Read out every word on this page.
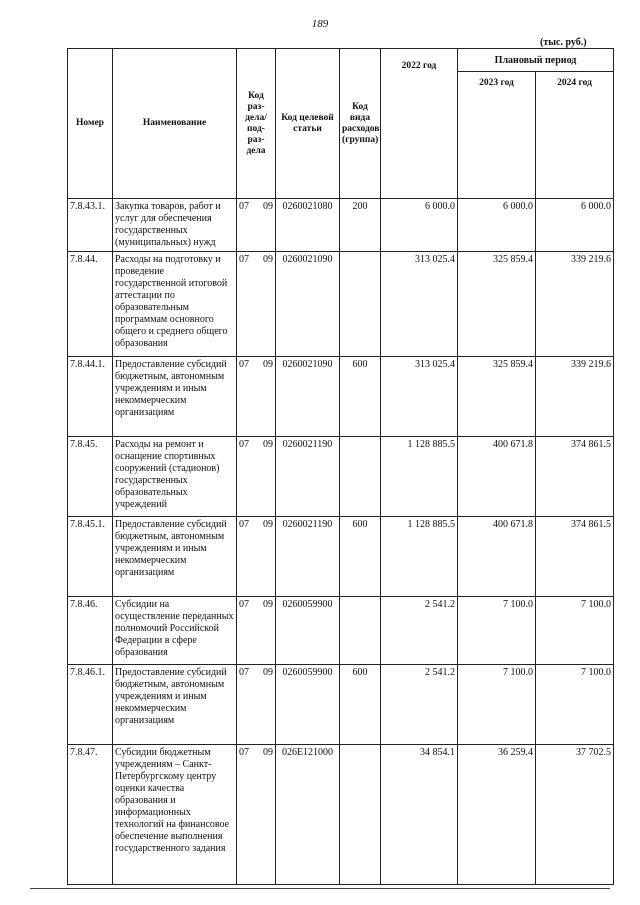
189
(тыс. руб.)
Номер	Наименование	Код раз-дела/ под-раз-дела	Код целевой статьи	Код вида расходов (группа)	2022 год	Плановый период	
						2023 год	2024 год
7.8.43.1.	Закупка товаров, работ и услуг для обеспечения государственных (муниципальных) нужд	07 09	0260021080	200	6 000.0	6 000.0	6 000.0
7.8.44.	Расходы на подготовку и проведение государственной итоговой аттестации по образовательным программам основного общего и среднего общего образования	07 09	0260021090		313 025.4	325 859.4	339 219.6
7.8.44.1.	Предоставление субсидий бюджетным, автономным учреждениям и иным некоммерческим организациям	07 09	0260021090	600	313 025.4	325 859.4	339 219.6
7.8.45.	Расходы на ремонт и оснащение спортивных сооружений (стадионов) государственных образовательных учреждений	07 09	0260021190		1 128 885.5	400 671.8	374 861.5
7.8.45.1.	Предоставление субсидий бюджетным, автономным учреждениям и иным некоммерческим организациям	07 09	0260021190	600	1 128 885.5	400 671.8	374 861.5
7.8.46.	Субсидии на осуществление переданных полномочий Российской Федерации в сфере образования	07 09	0260059900		2 541.2	7 100.0	7 100.0
7.8.46.1.	Предоставление субсидий бюджетным, автономным учреждениям и иным некоммерческим организациям	07 09	0260059900	600	2 541.2	7 100.0	7 100.0
7.8.47.	Субсидии бюджетным учреждениям – Санкт-Петербургскому центру оценки качества образования и информационных технологий на финансовое обеспечение выполнения государственного задания	07 09	026E121000		34 854.1	36 259.4	37 702.5
